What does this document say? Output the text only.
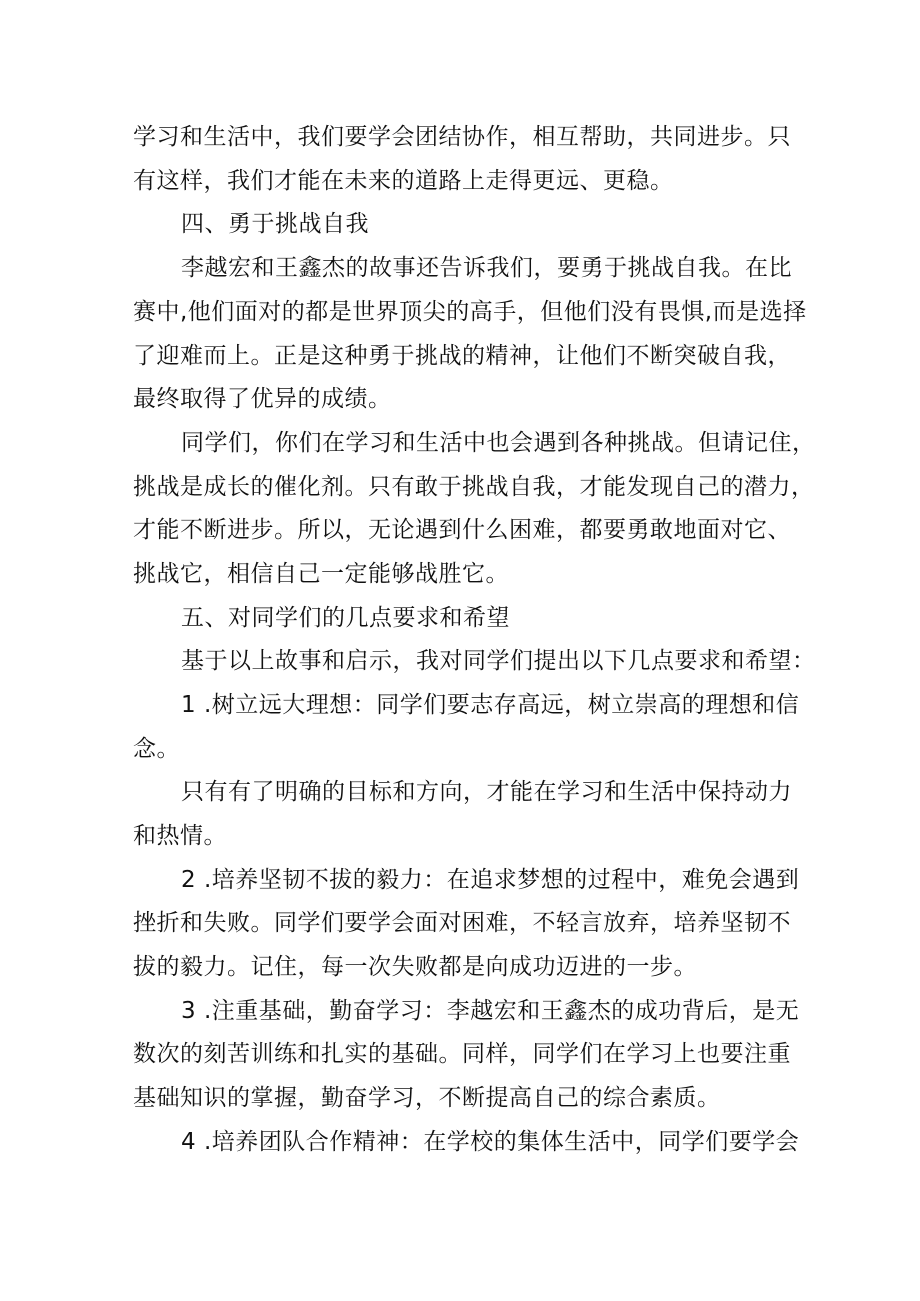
学习和生活中，我们要学会团结协作，相互帮助，共同进步。只
有这样，我们才能在未来的道路上走得更远、更稳。
四、勇于挑战自我
李越宏和王鑫杰的故事还告诉我们，要勇于挑战自我。在比
赛中,他们面对的都是世界顶尖的高手，但他们没有畏惧,而是选择
了迎难而上。正是这种勇于挑战的精神，让他们不断突破自我，
最终取得了优异的成绩。
同学们，你们在学习和生活中也会遇到各种挑战。但请记住，
挑战是成长的催化剂。只有敢于挑战自我，才能发现自己的潜力，
才能不断进步。所以，无论遇到什么困难，都要勇敢地面对它、
挑战它，相信自己一定能够战胜它。
五、对同学们的几点要求和希望
基于以上故事和启示，我对同学们提出以下几点要求和希望：
1 .树立远大理想：同学们要志存高远，树立崇高的理想和信
念。
只有有了明确的目标和方向，才能在学习和生活中保持动力
和热情。
2 .培养坚韧不拔的毅力：在追求梦想的过程中，难免会遇到
挫折和失败。同学们要学会面对困难，不轻言放弃，培养坚韧不
拔的毅力。记住，每一次失败都是向成功迈进的一步。
3 .注重基础，勤奋学习：李越宏和王鑫杰的成功背后，是无
数次的刻苦训练和扎实的基础。同样，同学们在学习上也要注重
基础知识的掌握，勤奋学习，不断提高自己的综合素质。
4 .培养团队合作精神：在学校的集体生活中，同学们要学会
